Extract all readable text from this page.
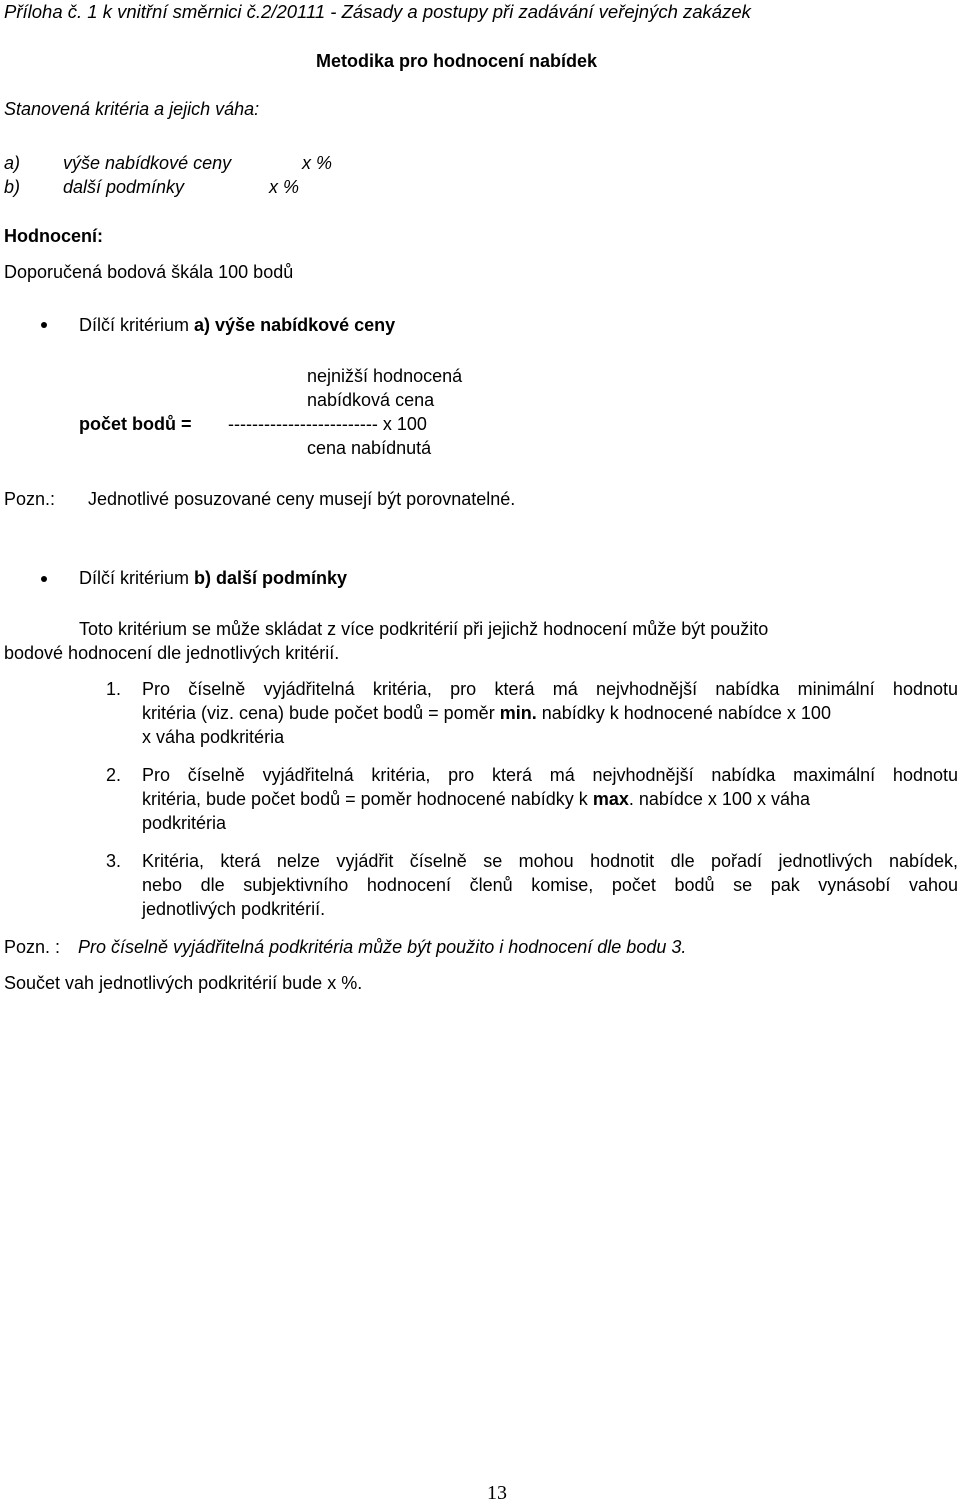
Příloha č. 1 k vnitřní směrnici č.2/20111 - Zásady a postupy při zadávání veřejných zakázek
Metodika pro hodnocení nabídek
Stanovená kritéria a jejich váha:
a) výše nabídkové ceny	x %
b) další podmínky	x %
Hodnocení:
Doporučená bodová škála 100 bodů
Dílčí kritérium a) výše nabídkové ceny
nejnižší hodnocená
nabídková cena
počet bodů = ------------------------- x 100
cena nabídnutá
Pozn.: Jednotlivé posuzované ceny musejí být porovnatelné.
Dílčí kritérium b) další podmínky
Toto kritérium se může skládat z více podkritérií při jejichž hodnocení může být použito
bodové hodnocení dle jednotlivých kritérií.
1. Pro číselně vyjádřitelná kritéria, pro která má nejvhodnější nabídka minimální hodnotu
kritéria (viz. cena) bude počet bodů = poměr min. nabídky k hodnocené nabídce x 100
x váha podkritéria
2. Pro číselně vyjádřitelná kritéria, pro která má nejvhodnější nabídka maximální hodnotu
kritéria, bude počet bodů = poměr hodnocené nabídky k max. nabídce x 100 x váha
podkritéria
3. Kritéria, která nelze vyjádřit číselně se mohou hodnotit dle pořadí jednotlivých nabídek,
nebo dle subjektivního hodnocení členů komise, počet bodů se pak vynásobí vahou
jednotlivých podkritérií.
Pozn. : Pro číselně vyjádřitelná podkritéria může být použito i hodnocení dle bodu 3.
Součet vah jednotlivých podkritérií bude x %.
13
